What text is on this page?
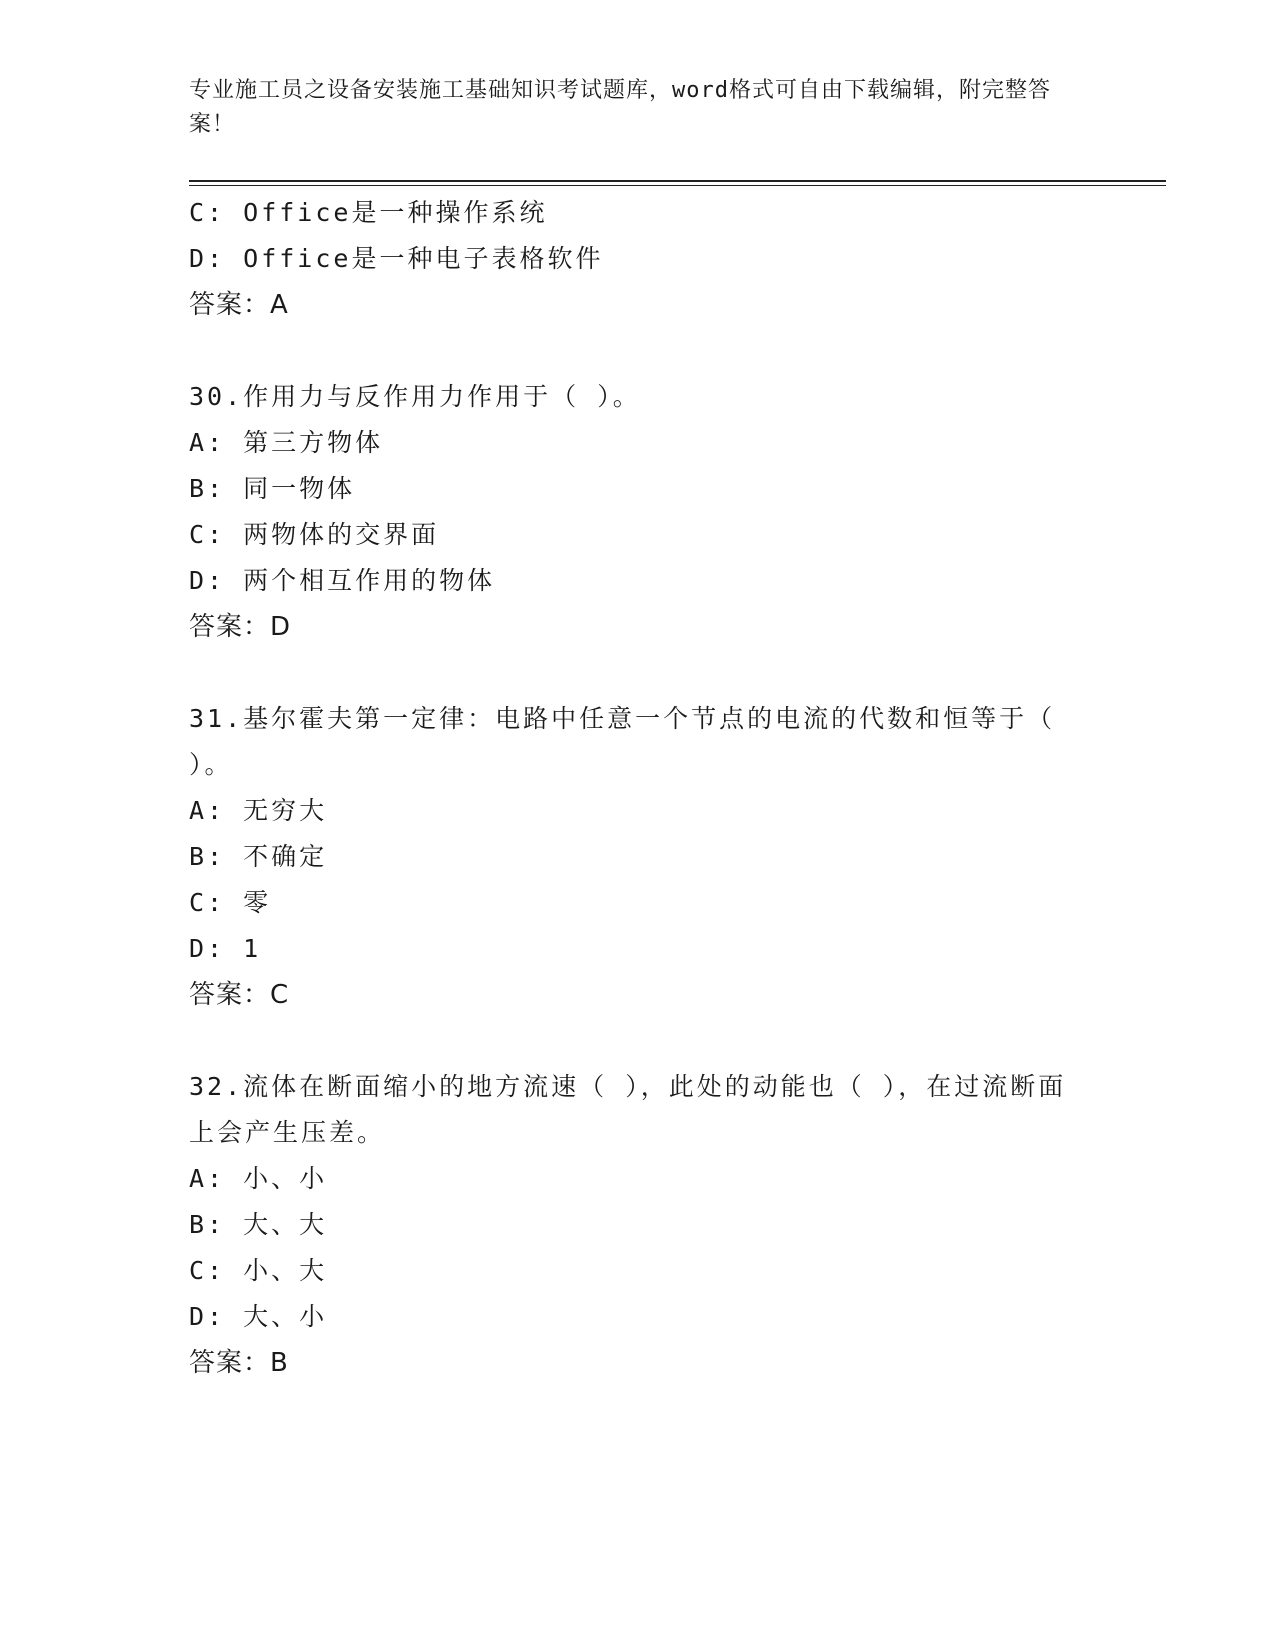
专业施工员之设备安装施工基础知识考试题库，word格式可自由下载编辑，附完整答案！
C: Office是一种操作系统
D: Office是一种电子表格软件
答案：A
30.作用力与反作用力作用于（ ）。
A: 第三方物体
B: 同一物体
C: 两物体的交界面
D: 两个相互作用的物体
答案：D
31.基尔霍夫第一定律：电路中任意一个节点的电流的代数和恒等于（ ）。
A: 无穷大
B: 不确定
C: 零
D: 1
答案：C
32.流体在断面缩小的地方流速（ ），此处的动能也（ ），在过流断面上会产生压差。
A: 小、小
B: 大、大
C: 小、大
D: 大、小
答案：B
